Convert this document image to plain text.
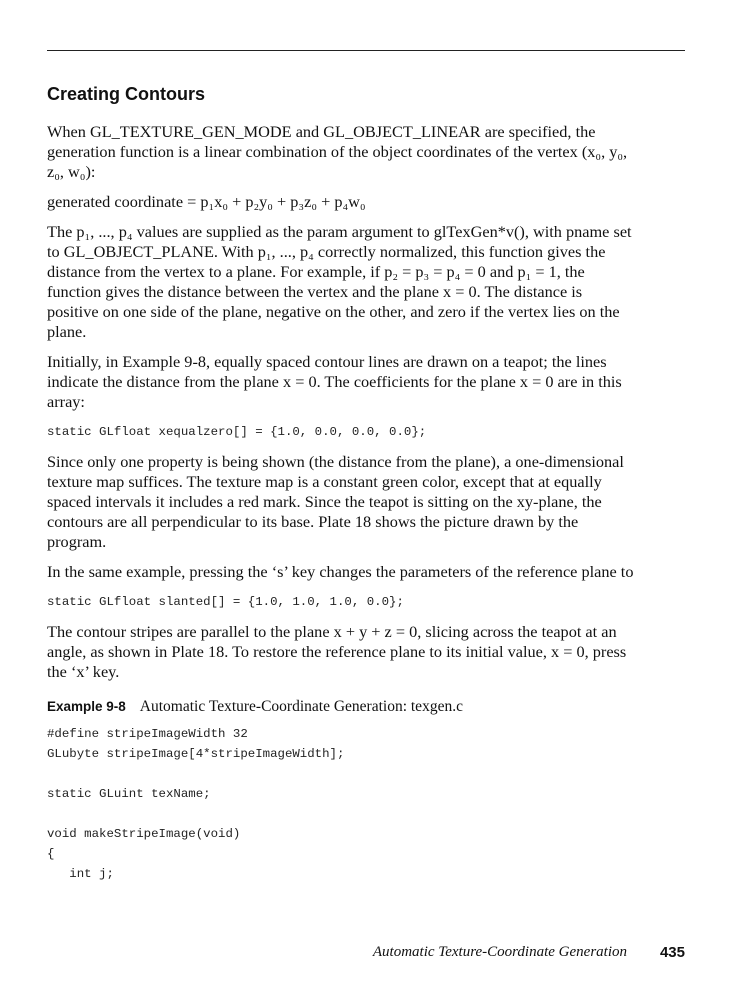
Creating Contours

When GL_TEXTURE_GEN_MODE and GL_OBJECT_LINEAR are specified, the generation function is a linear combination of the object coordinates of the vertex (x₀, y₀, z₀, w₀):

generated coordinate = p₁x₀ + p₂y₀ + p₃z₀ + p₄w₀

The p₁, ..., p₄ values are supplied as the param argument to glTexGen*v(), with pname set to GL_OBJECT_PLANE. With p₁, ..., p₄ correctly normalized, this function gives the distance from the vertex to a plane. For example, if p₂ = p₃ = p₄ = 0 and p₁ = 1, the function gives the distance between the vertex and the plane x = 0. The distance is positive on one side of the plane, negative on the other, and zero if the vertex lies on the plane.

Initially, in Example 9-8, equally spaced contour lines are drawn on a teapot; the lines indicate the distance from the plane x = 0. The coefficients for the plane x = 0 are in this array:

static GLfloat xequalzero[] = {1.0, 0.0, 0.0, 0.0};

Since only one property is being shown (the distance from the plane), a one-dimensional texture map suffices. The texture map is a constant green color, except that at equally spaced intervals it includes a red mark. Since the teapot is sitting on the xy-plane, the contours are all perpendicular to its base. Plate 18 shows the picture drawn by the program.

In the same example, pressing the ‘s’ key changes the parameters of the reference plane to

static GLfloat slanted[] = {1.0, 1.0, 1.0, 0.0};

The contour stripes are parallel to the plane x + y + z = 0, slicing across the teapot at an angle, as shown in Plate 18. To restore the reference plane to its initial value, x = 0, press the ‘x’ key.

Example 9-8 Automatic Texture-Coordinate Generation: texgen.c
#define stripeImageWidth 32
GLubyte stripeImage[4*stripeImageWidth];

static GLuint texName;

void makeStripeImage(void)
{
int j;
Automatic Texture-Coordinate Generation 435
